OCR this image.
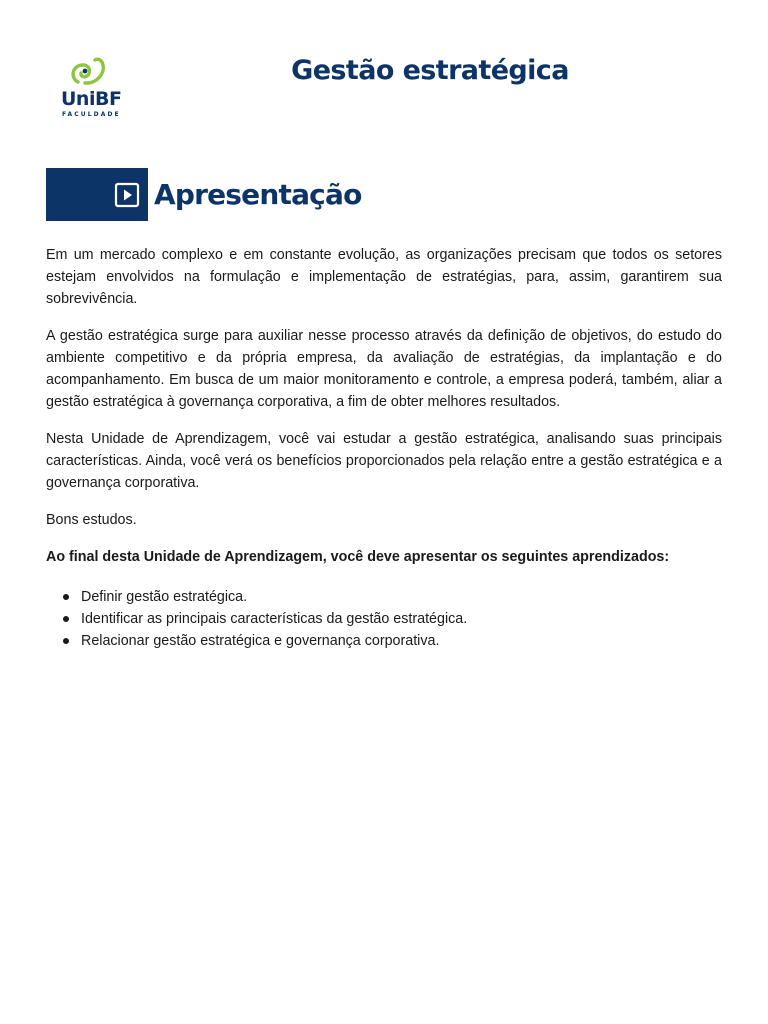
UniBF
FACULDADE
Gestão estratégica
Apresentação

Em um mercado complexo e em constante evolução, as organizações precisam que todos os setores estejam envolvidos na formulação e implementação de estratégias, para, assim, garantirem sua sobrevivência.

A gestão estratégica surge para auxiliar nesse processo através da definição de objetivos, do estudo do ambiente competitivo e da própria empresa, da avaliação de estratégias, da implantação e do acompanhamento. Em busca de um maior monitoramento e controle, a empresa poderá, também, aliar a gestão estratégica à governança corporativa, a fim de obter melhores resultados.

Nesta Unidade de Aprendizagem, você vai estudar a gestão estratégica, analisando suas principais características. Ainda, você verá os benefícios proporcionados pela relação entre a gestão estratégica e a governança corporativa.

Bons estudos.

Ao final desta Unidade de Aprendizagem, você deve apresentar os seguintes aprendizados:

Definir gestão estratégica.
Identificar as principais características da gestão estratégica.
Relacionar gestão estratégica e governança corporativa.
